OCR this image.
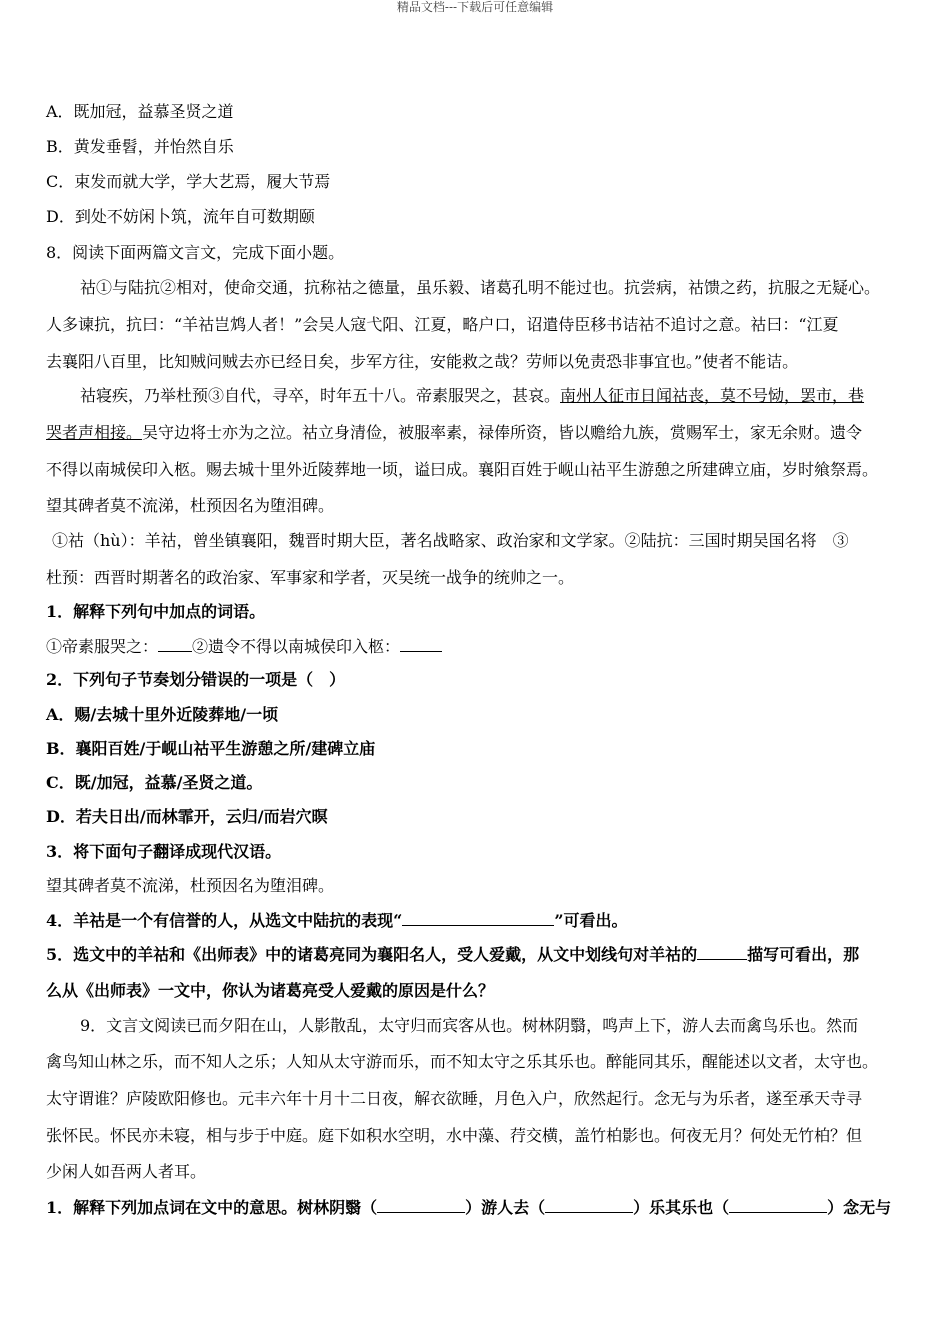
精品文档---下载后可任意编辑
A．既加冠，益慕圣贤之道
B．黄发垂髫，并怡然自乐
C．束发而就大学，学大艺焉，履大节焉
D．到处不妨闲卜筑，流年自可数期颐
8．阅读下面两篇文言文，完成下面小题。
祜①与陆抗②相对，使命交通，抗称祜之德量，虽乐毅、诸葛孔明不能过也。抗尝病，祜馈之药，抗服之无疑心。
人多谏抗，抗曰：“羊祜岂鸩人者！”会吴人寇弋阳、江夏，略户口，诏遣侍臣移书诘祜不追讨之意。祜曰：“江夏
去襄阳八百里，比知贼问贼去亦已经日矣，步军方往，安能救之哉？劳师以免责恐非事宜也。”使者不能诘。
祜寝疾，乃举杜预③自代，寻卒，时年五十八。帝素服哭之，甚哀。南州人征市日闻祜丧，莫不号恸，罢市，巷
哭者声相接。吴守边将士亦为之泣。祜立身清俭，被服率素，禄俸所资，皆以赡给九族，赏赐军士，家无余财。遗令
不得以南城侯印入柩。赐去城十里外近陵葬地一顷，谥曰成。襄阳百姓于岘山祜平生游憩之所建碑立庙，岁时飨祭焉。
望其碑者莫不流涕，杜预因名为堕泪碑。
①祜（hù）：羊祜，曾坐镇襄阳，魏晋时期大臣，著名战略家、政治家和文学家。②陆抗：三国时期吴国名将　③
杜预：西晋时期著名的政治家、军事家和学者，灭吴统一战争的统帅之一。
1．解释下列句中加点的词语。
①帝素服哭之： ②遗令不得以南城侯印入柩：
2．下列句子节奏划分错误的一项是（　）
A．赐/去城十里外近陵葬地/一顷
B．襄阳百姓/于岘山祜平生游憩之所/建碑立庙
C．既/加冠，益慕/圣贤之道。
D．若夫日出/而林霏开，云归/而岩穴暝
3．将下面句子翻译成现代汉语。
望其碑者莫不流涕，杜预因名为堕泪碑。
4．羊祜是一个有信誉的人，从选文中陆抗的表现“	”可看出。
5．选文中的羊祜和《出师表》中的诸葛亮同为襄阳名人，受人爱戴，从文中划线句对羊祜的	描写可看出，那
么从《出师表》一文中，你认为诸葛亮受人爱戴的原因是什么？
9．文言文阅读已而夕阳在山，人影散乱，太守归而宾客从也。树林阴翳，鸣声上下，游人去而禽鸟乐也。然而
禽鸟知山林之乐，而不知人之乐；人知从太守游而乐，而不知太守之乐其乐也。醉能同其乐，醒能述以文者，太守也。
太守谓谁？庐陵欧阳修也。元丰六年十月十二日夜，解衣欲睡，月色入户，欣然起行。念无与为乐者，遂至承天寺寻
张怀民。怀民亦未寝，相与步于中庭。庭下如积水空明，水中藻、荇交横，盖竹柏影也。何夜无月？何处无竹柏？但
少闲人如吾两人者耳。
1．解释下列加点词在文中的意思。树林阴翳（	）游人去（	）乐其乐也（	）念无与
